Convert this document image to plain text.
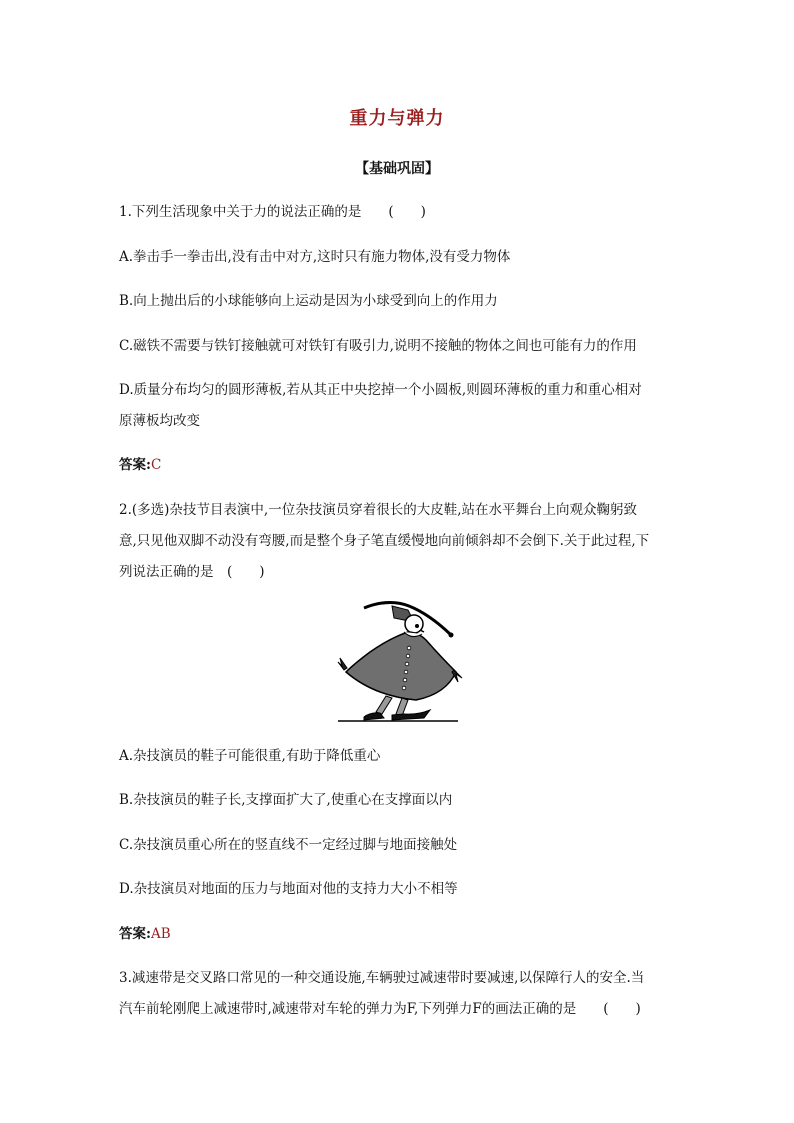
重力与弹力
【基础巩固】
1.下列生活现象中关于力的说法正确的是　　(　　)
A.拳击手一拳击出,没有击中对方,这时只有施力物体,没有受力物体
B.向上抛出后的小球能够向上运动是因为小球受到向上的作用力
C.磁铁不需要与铁钉接触就可对铁钉有吸引力,说明不接触的物体之间也可能有力的作用
D.质量分布均匀的圆形薄板,若从其正中央挖掉一个小圆板,则圆环薄板的重力和重心相对
原薄板均改变
答案:C
2.(多选)杂技节目表演中,一位杂技演员穿着很长的大皮鞋,站在水平舞台上向观众鞠躬致
意,只见他双脚不动没有弯腰,而是整个身子笔直缓慢地向前倾斜却不会倒下.关于此过程,下
列说法正确的是　(　　)
A.杂技演员的鞋子可能很重,有助于降低重心
B.杂技演员的鞋子长,支撑面扩大了,使重心在支撑面以内
C.杂技演员重心所在的竖直线不一定经过脚与地面接触处
D.杂技演员对地面的压力与地面对他的支持力大小不相等
答案:AB
3.减速带是交叉路口常见的一种交通设施,车辆驶过减速带时要减速,以保障行人的安全.当
汽车前轮刚爬上减速带时,减速带对车轮的弹力为F,下列弹力F的画法正确的是　　(　　)
